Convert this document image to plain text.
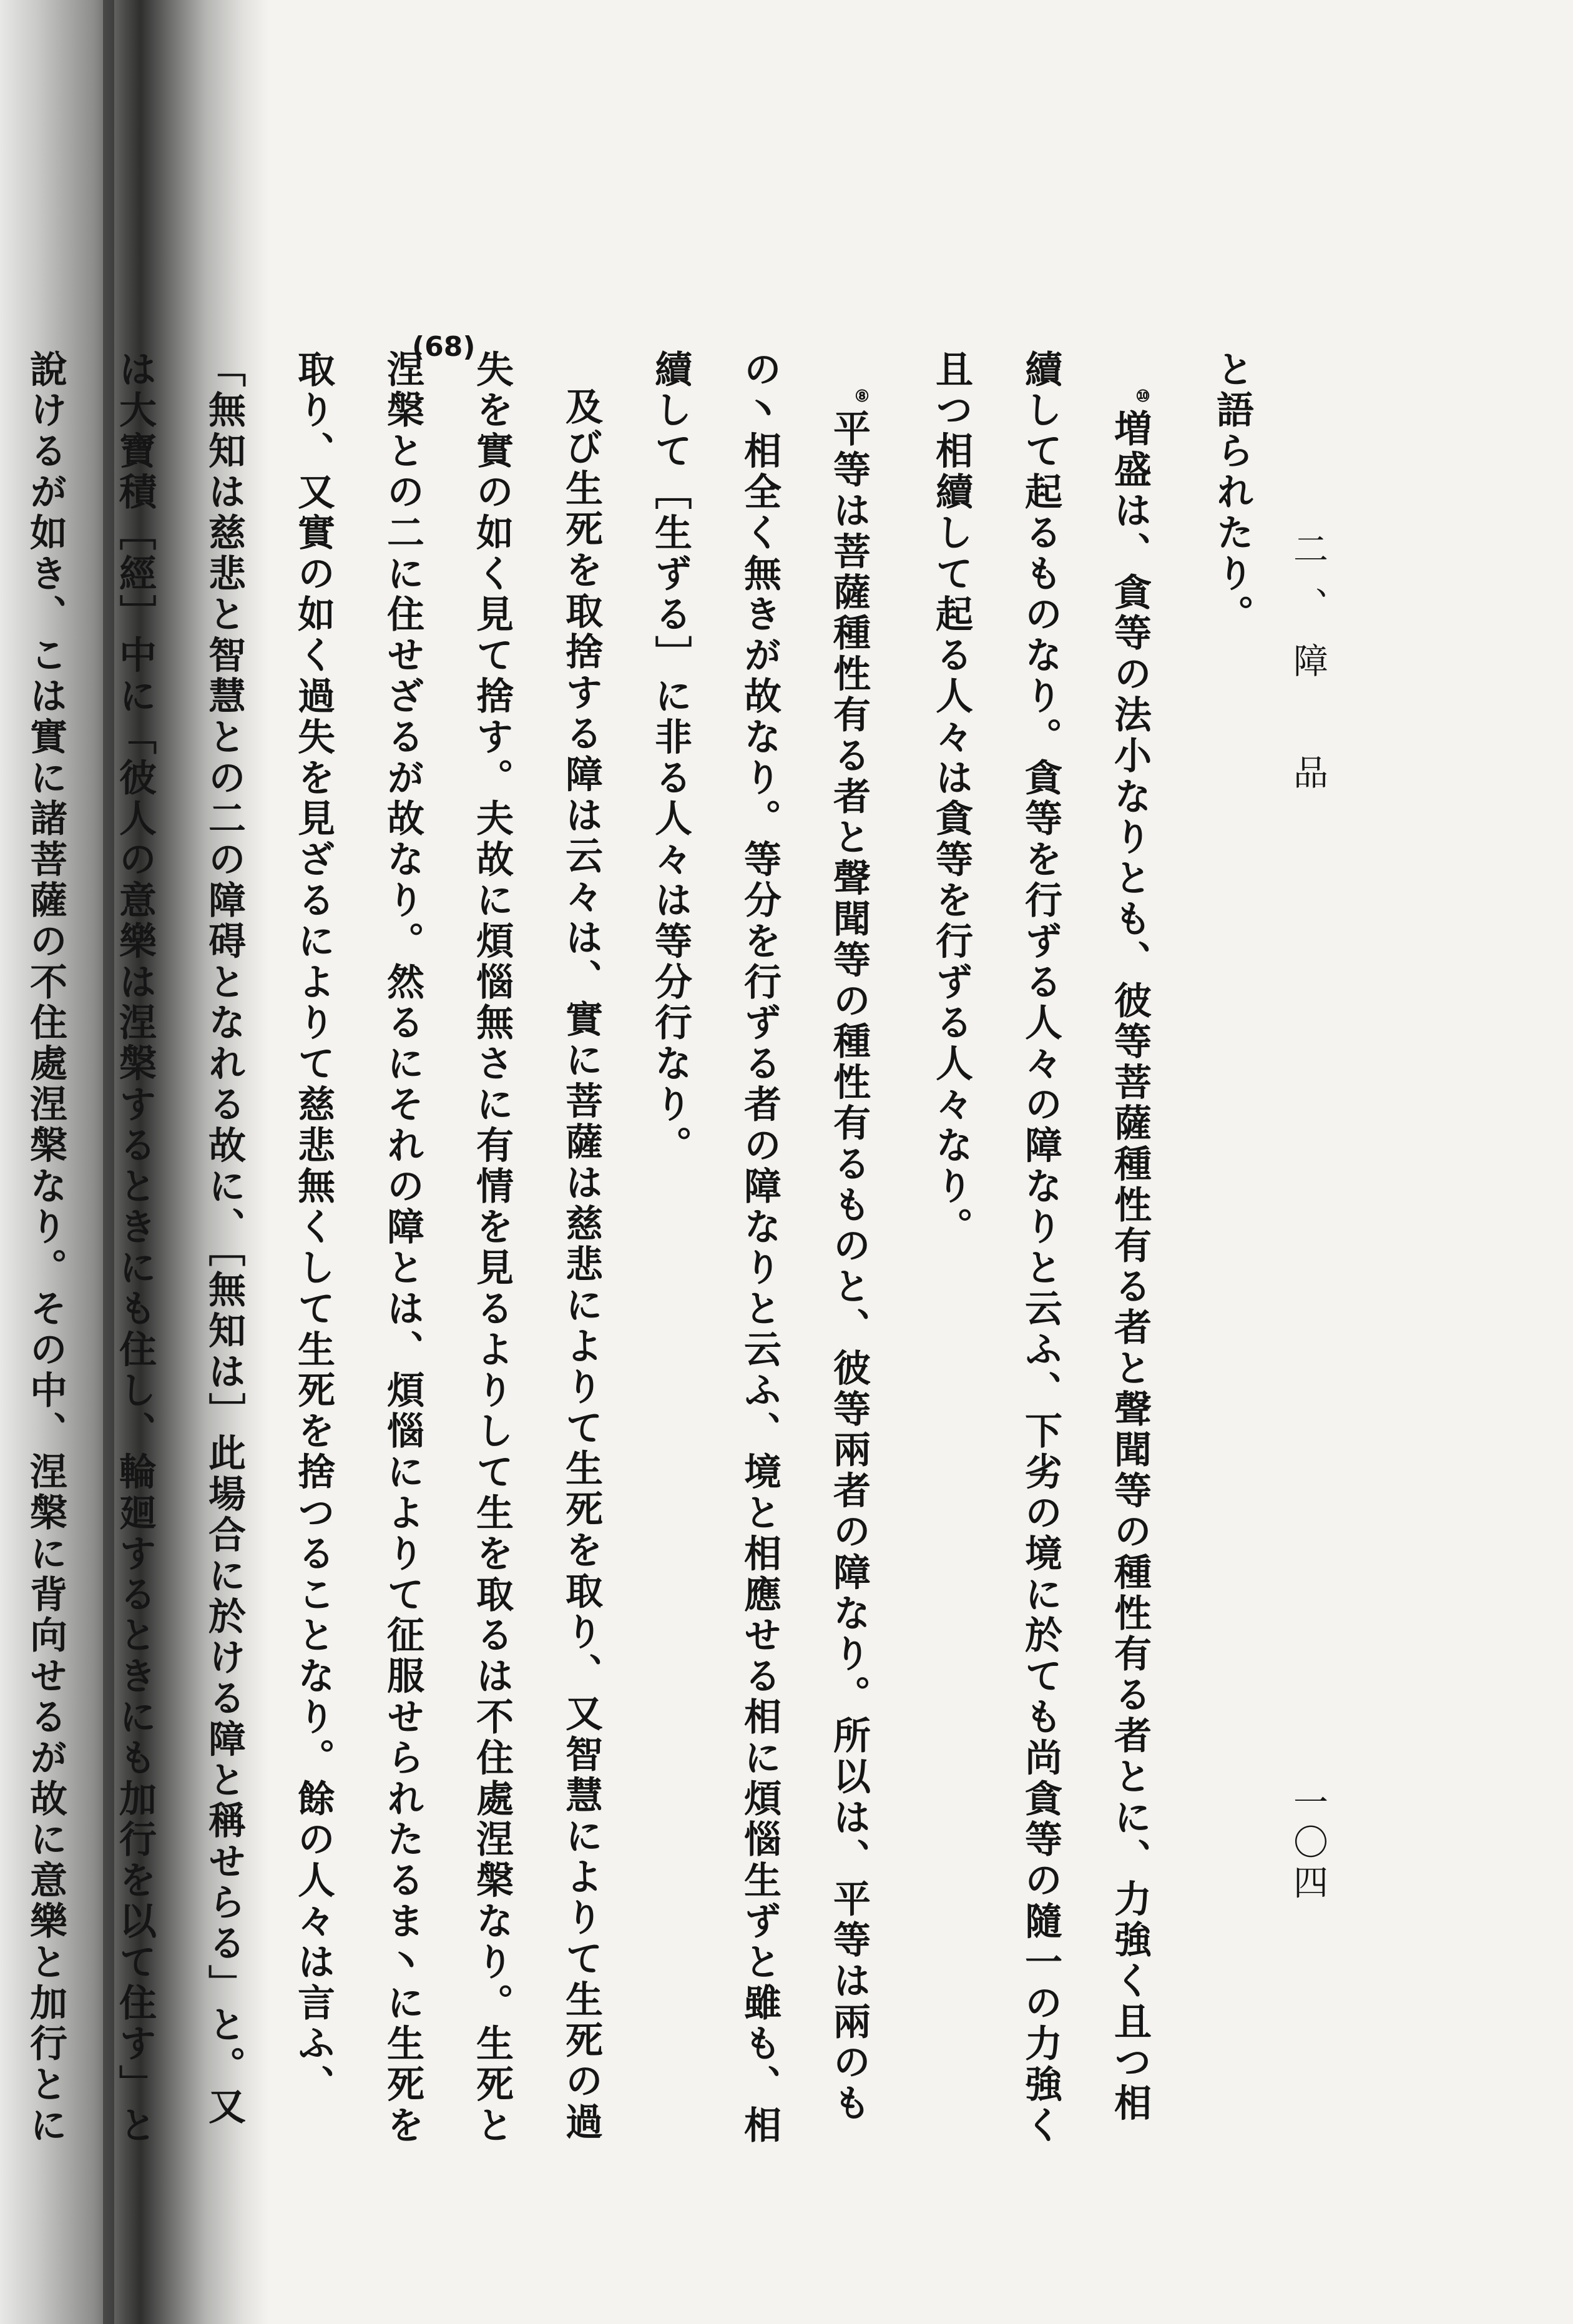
(68)
二、障　品
一〇四

と語られたり。

⑩増盛は、貪等の法小なりとも、彼等菩薩種性有る者と聲聞等の種性有る者とに、力強く且つ相續して起るものなり。貪等を行ずる人々の障なりと云ふ、下劣の境に於ても尚貪等の隨一の力強く且つ相續して起る人々は貪等を行ずる人々なり。

⑧平等は菩薩種性有る者と聲聞等の種性有るものと、彼等兩者の障なり。所以は、平等は兩のもの丶相全く無きが故なり。等分を行ずる者の障なりと云ふ、境と相應せる相に煩惱生ずと雖も、相續して［生ずる］に非る人々は等分行なり。

及び生死を取捨する障は云々は、實に菩薩は慈悲によりて生死を取り、又智慧によりて生死の過失を實の如く見て捨す。夫故に煩惱無さに有情を見るよりして生を取るは不住處涅槃なり。生死と涅槃との二に住せざるが故なり。然るにそれの障とは、煩惱によりて征服せられたるま丶に生死を取り、又實の如く過失を見ざるによりて慈悲無くして生死を捨つることなり。餘の人々は言ふ、「無知は慈悲と智慧との二の障碍となれる故に、［無知は］此場合に於ける障と稱せらる」と。又は大寶積［經］中に「彼人の意樂は涅槃するときにも住し、輪廻するときにも加行を以て住す」と說けるが如き、こは實に諸菩薩の不住處涅槃なり。その中、涅槃に背向せるが故に意樂と加行とに
